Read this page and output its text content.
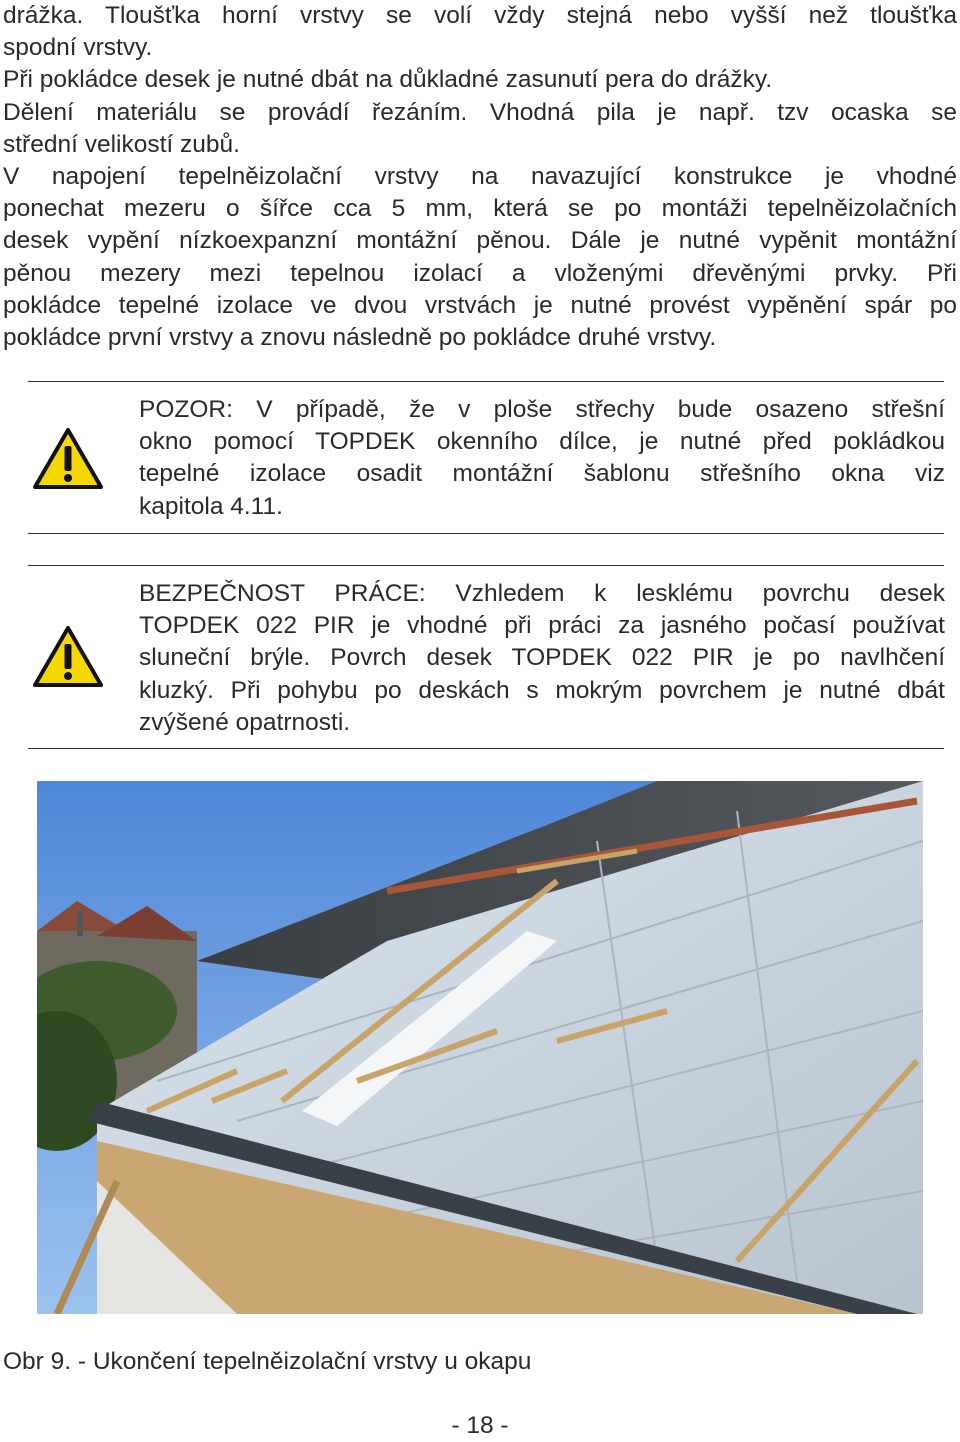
drážka. Tloušťka horní vrstvy se volí vždy stejná nebo vyšší než tloušťka
spodní vrstvy.
Při pokládce desek je nutné dbát na důkladné zasunutí pera do drážky.
Dělení materiálu se provádí řezáním. Vhodná pila je např. tzv ocaska se
střední velikostí zubů.
V napojení tepelněizolační vrstvy na navazující konstrukce je vhodné
ponechat mezeru o šířce cca 5 mm, která se po montáži tepelněizolačních
desek vypění nízkoexpanzní montážní pěnou. Dále je nutné vypěnit montážní
pěnou mezery mezi tepelnou izolací a vloženými dřevěnými prvky. Při
pokládce tepelné izolace ve dvou vrstvách je nutné provést vypěnění spár po
pokládce první vrstvy a znovu následně po pokládce druhé vrstvy.
POZOR: V případě, že v ploše střechy bude osazeno střešní
okno pomocí TOPDEK okenního dílce, je nutné před pokládkou
tepelné izolace osadit montážní šablonu střešního okna viz
kapitola 4.11.
BEZPEČNOST PRÁCE: Vzhledem k lesklému povrchu desek
TOPDEK 022 PIR je vhodné při práci za jasného počasí používat
sluneční brýle. Povrch desek TOPDEK 022 PIR je po navlhčení
kluzký. Při pohybu po deskách s mokrým povrchem je nutné dbát
zvýšené opatrnosti.

Obr 9. - Ukončení tepelněizolační vrstvy u okapu

- 18 -
